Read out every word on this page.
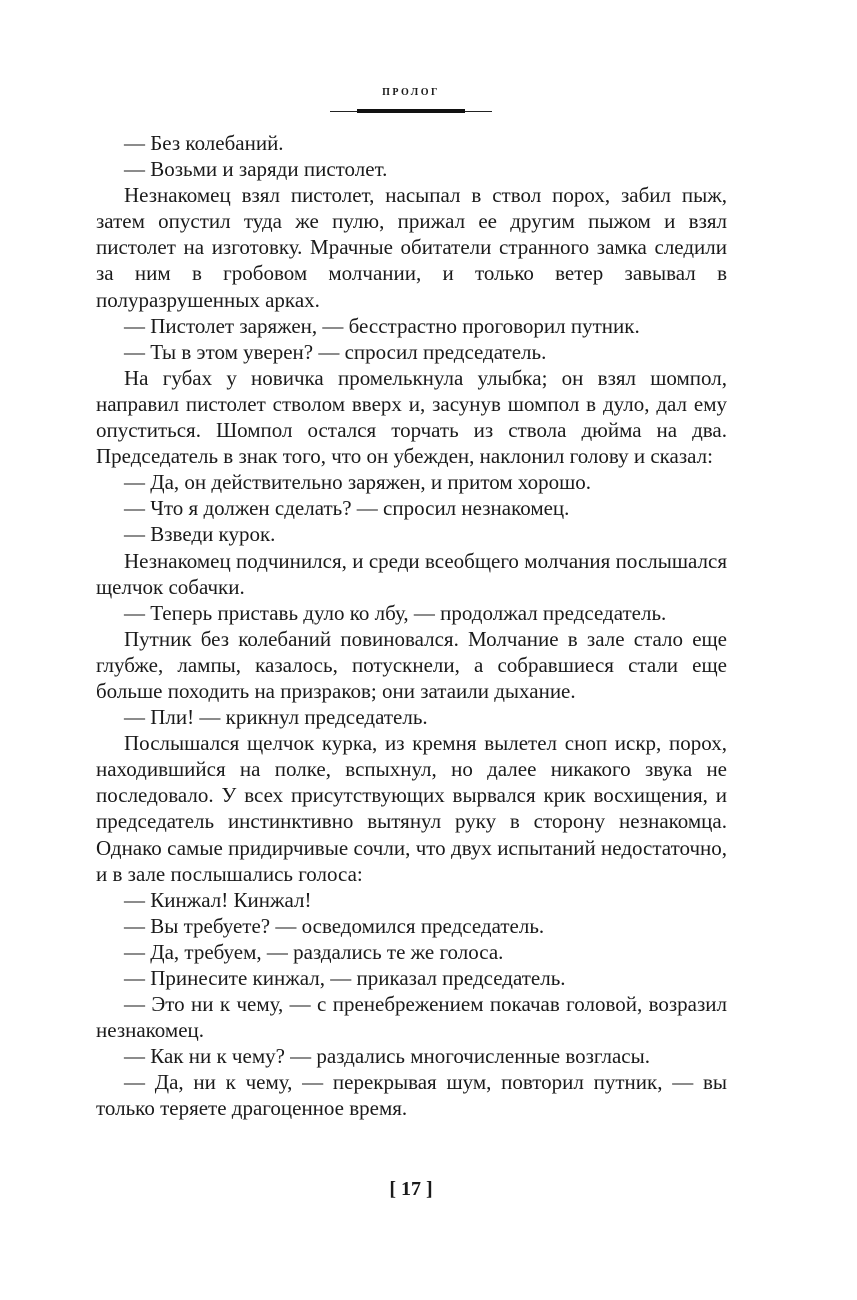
пролог

— Без колебаний.

— Возьми и заряди пистолет.

Незнакомец взял пистолет, насыпал в ствол порох, забил пыж, затем опустил туда же пулю, прижал ее другим пыжом и взял пистолет на изготовку. Мрачные обитатели странного замка следили за ним в гробовом молчании, и только ветер завывал в полуразрушенных арках.

— Пистолет заряжен, — бесстрастно проговорил путник.

— Ты в этом уверен? — спросил председатель.

На губах у новичка промелькнула улыбка; он взял шомпол, направил пистолет стволом вверх и, засунув шомпол в дуло, дал ему опуститься. Шомпол остался торчать из ствола дюйма на два. Председатель в знак того, что он убежден, наклонил голову и сказал:

— Да, он действительно заряжен, и притом хорошо.

— Что я должен сделать? — спросил незнакомец.

— Взведи курок.

Незнакомец подчинился, и среди всеобщего молчания послышался щелчок собачки.

— Теперь приставь дуло ко лбу, — продолжал председатель.

Путник без колебаний повиновался. Молчание в зале стало еще глубже, лампы, казалось, потускнели, а собравшиеся стали еще больше походить на призраков; они затаили дыхание.

— Пли! — крикнул председатель.

Послышался щелчок курка, из кремня вылетел сноп искр, порох, находившийся на полке, вспыхнул, но далее никакого звука не последовало. У всех присутствующих вырвался крик восхищения, и председатель инстинктивно вытянул руку в сторону незнакомца. Однако самые придирчивые сочли, что двух испытаний недостаточно, и в зале послышались голоса:

— Кинжал! Кинжал!

— Вы требуете? — осведомился председатель.

— Да, требуем, — раздались те же голоса.

— Принесите кинжал, — приказал председатель.

— Это ни к чему, — с пренебрежением покачав головой, возразил незнакомец.

— Как ни к чему? — раздались многочисленные возгласы.

— Да, ни к чему, — перекрывая шум, повторил путник, — вы только теряете драгоценное время.

[ 17 ]
